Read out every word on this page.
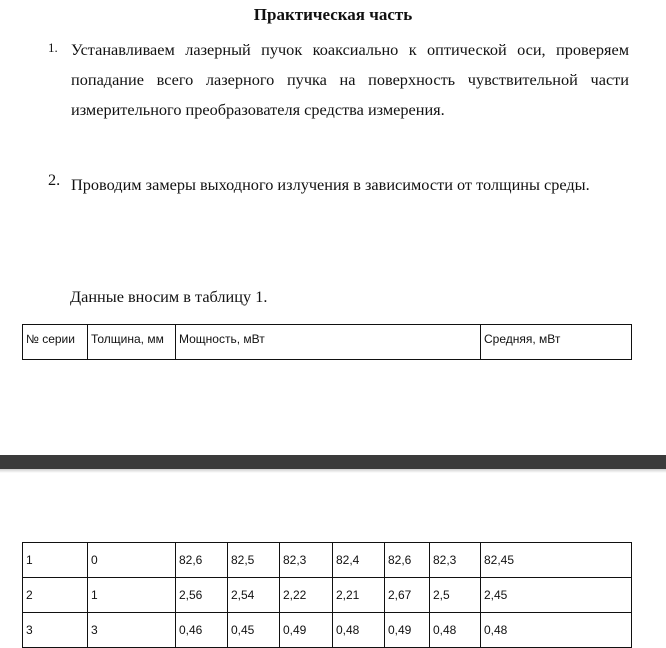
Практическая часть
1. Устанавливаем лазерный пучок коаксиально к оптической оси, проверяем попадание всего лазерного пучка на поверхность чувствительной части измерительного преобразователя средства измерения.
2. Проводим замеры выходного излучения в зависимости от толщины среды.
Данные вносим в таблицу 1.
№ серии	Толщина, мм	Мощность, мВт	Средняя, мВт
1	0	82,6	82,5	82,3	82,4	82,6	82,3	82,45
2	1	2,56	2,54	2,22	2,21	2,67	2,5	2,45
3	3	0,46	0,45	0,49	0,48	0,49	0,48	0,48
